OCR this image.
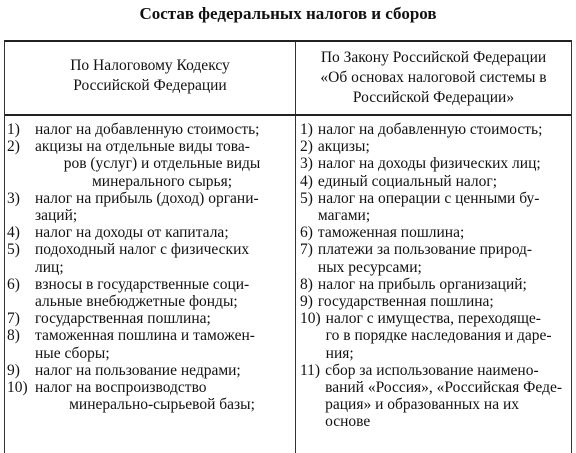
Состав федеральных налогов и сборов
По Налоговому Кодексу
Российской Федерации
По Закону Российской Федерации
«Об основах налоговой системы в
Российской Федерации»
1) налог на добавленную стоимость;
2) акцизы на отдельные виды това-
ров (услуг) и отдельные виды
минерального сырья;
3) налог на прибыль (доход) органи-
заций;
4) налог на доходы от капитала;
5) подоходный налог с физических
лиц;
6) взносы в государственные соци-
альные внебюджетные фонды;
7) государственная пошлина;
8) таможенная пошлина и таможен-
ные сборы;
9) налог на пользование недрами;
10) налог на воспроизводство
минерально-сырьевой базы;
1) налог на добавленную стоимость;
2) акцизы;
3) налог на доходы физических лиц;
4) единый социальный налог;
5) налог на операции с ценными бу-
магами;
6) таможенная пошлина;
7) платежи за пользование природ-
ных ресурсами;
8) налог на прибыль организаций;
9) государственная пошлина;
10) налог с имущества, переходяще-
го в порядке наследования и даре-
ния;
11) сбор за использование наимено-
ваний «Россия», «Российская Феде-
рация» и образованных на их основе
